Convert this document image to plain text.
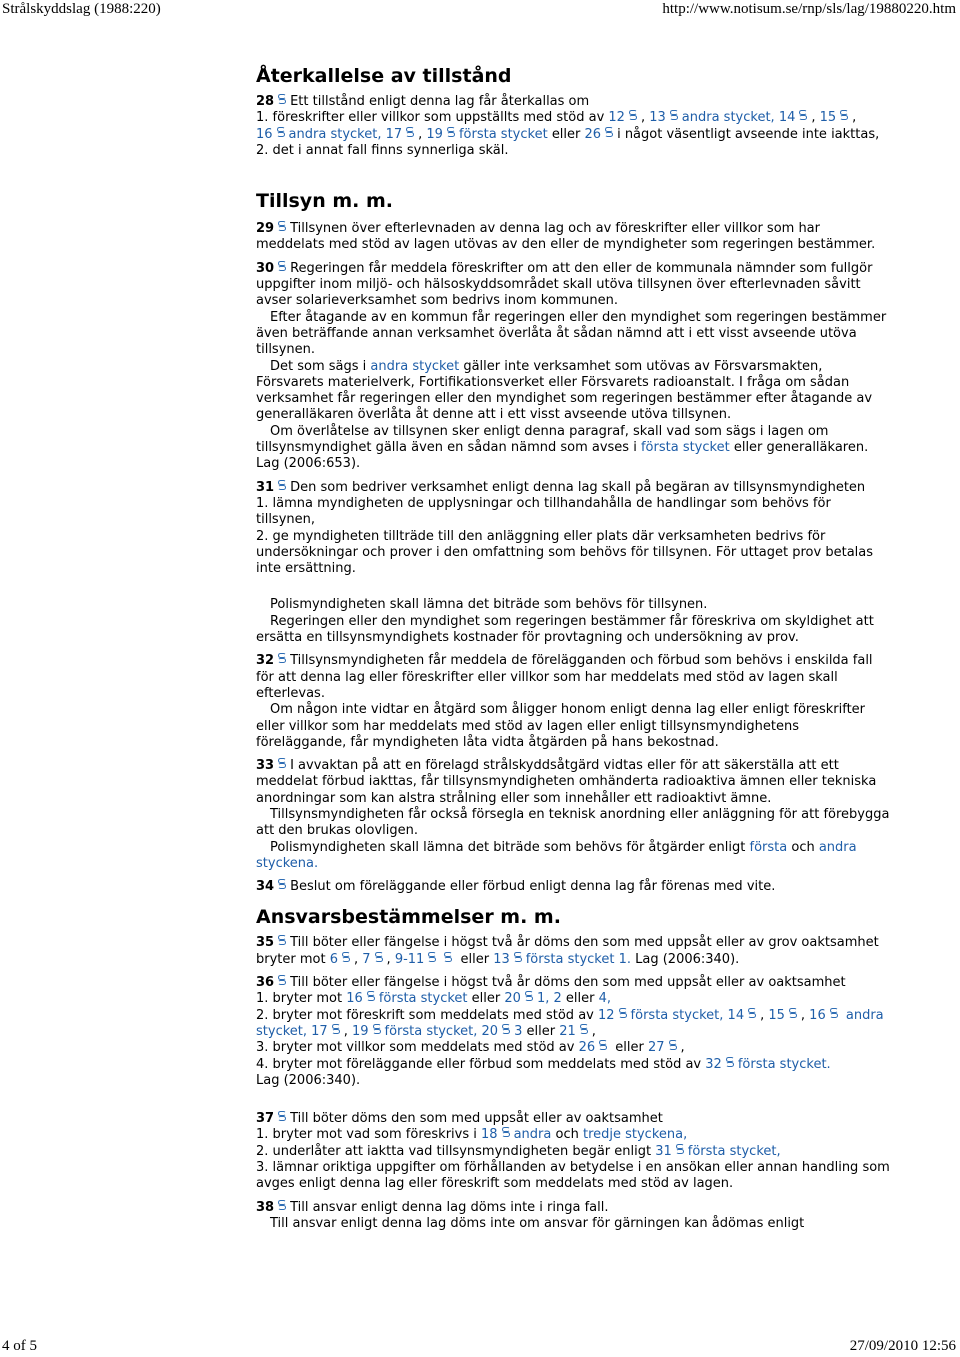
Strålskyddslag (1988:220)	http://www.notisum.se/rnp/sls/lag/19880220.htm
Återkallelse av tillstånd

28 Ett tillstånd enligt denna lag får återkallas om
1. föreskrifter eller villkor som uppställts med stöd av 12 , 13 andra stycket, 14 , 15 ,
16 andra stycket, 17 , 19 första stycket eller 26 i något väsentligt avseende inte iakttas,
2. det i annat fall finns synnerliga skäl.

Tillsyn m. m.

29 Tillsynen över efterlevnaden av denna lag och av föreskrifter eller villkor som har meddelats med stöd av lagen utövas av den eller de myndigheter som regeringen bestämmer.

30 Regeringen får meddela föreskrifter om att den eller de kommunala nämnder som fullgör uppgifter inom miljö- och hälsoskyddsområdet skall utöva tillsynen över efterlevnaden såvitt avser solarieverksamhet som bedrivs inom kommunen.

Efter åtagande av en kommun får regeringen eller den myndighet som regeringen bestämmer även beträffande annan verksamhet överlåta åt sådan nämnd att i ett visst avseende utöva tillsynen.

Det som sägs i andra stycket gäller inte verksamhet som utövas av Försvarsmakten, Försvarets materielverk, Fortifikationsverket eller Försvarets radioanstalt. I fråga om sådan verksamhet får regeringen eller den myndighet som regeringen bestämmer efter åtagande av generalläkaren överlåta åt denne att i ett visst avseende utöva tillsynen.

Om överlåtelse av tillsynen sker enligt denna paragraf, skall vad som sägs i lagen om tillsynsmyndighet gälla även en sådan nämnd som avses i första stycket eller generalläkaren. Lag (2006:653).

31 Den som bedriver verksamhet enligt denna lag skall på begäran av tillsynsmyndigheten
1. lämna myndigheten de upplysningar och tillhandahålla de handlingar som behövs för tillsynen,
2. ge myndigheten tillträde till den anläggning eller plats där verksamheten bedrivs för undersökningar och prover i den omfattning som behövs för tillsynen. För uttaget prov betalas inte ersättning.

Polismyndigheten skall lämna det biträde som behövs för tillsynen.

Regeringen eller den myndighet som regeringen bestämmer får föreskriva om skyldighet att ersätta en tillsynsmyndighets kostnader för provtagning och undersökning av prov.

32 Tillsynsmyndigheten får meddela de förelägganden och förbud som behövs i enskilda fall för att denna lag eller föreskrifter eller villkor som har meddelats med stöd av lagen skall efterlevas.

Om någon inte vidtar en åtgärd som åligger honom enligt denna lag eller enligt föreskrifter eller villkor som har meddelats med stöd av lagen eller enligt tillsynsmyndighetens föreläggande, får myndigheten låta vidta åtgärden på hans bekostnad.

33 I avvaktan på att en förelagd strålskyddsåtgärd vidtas eller för att säkerställa att ett meddelat förbud iakttas, får tillsynsmyndigheten omhänderta radioaktiva ämnen eller tekniska anordningar som kan alstra strålning eller som innehåller ett radioaktivt ämne.

Tillsynsmyndigheten får också försegla en teknisk anordning eller anläggning för att förebygga att den brukas olovligen.

Polismyndigheten skall lämna det biträde som behövs för åtgärder enligt första och andra styckena.

34 Beslut om föreläggande eller förbud enligt denna lag får förenas med vite.

Ansvarsbestämmelser m. m.

35 Till böter eller fängelse i högst två år döms den som med uppsåt eller av grov oaktsamhet bryter mot 6 , 7 , 9-11	eller 13 första stycket 1. Lag (2006:340).

36 Till böter eller fängelse i högst två år döms den som med uppsåt eller av oaktsamhet
1. bryter mot 16 första stycket eller 20 1, 2 eller 4,
2. bryter mot föreskrift som meddelats med stöd av 12 första stycket, 14 , 15 , 16 andra stycket, 17 , 19 första stycket, 20 3 eller 21 ,
3. bryter mot villkor som meddelats med stöd av 26 eller 27 ,
4. bryter mot föreläggande eller förbud som meddelats med stöd av 32 första stycket.
Lag (2006:340).

37 Till böter döms den som med uppsåt eller av oaktsamhet
1. bryter mot vad som föreskrivs i 18 andra och tredje styckena,
2. underlåter att iaktta vad tillsynsmyndigheten begär enligt 31 första stycket,
3. lämnar oriktiga uppgifter om förhållanden av betydelse i en ansökan eller annan handling som avges enligt denna lag eller föreskrift som meddelats med stöd av lagen.

38 Till ansvar enligt denna lag döms inte i ringa fall.

Till ansvar enligt denna lag döms inte om ansvar för gärningen kan ådömas enligt

4 of 5	27/09/2010 12:56
